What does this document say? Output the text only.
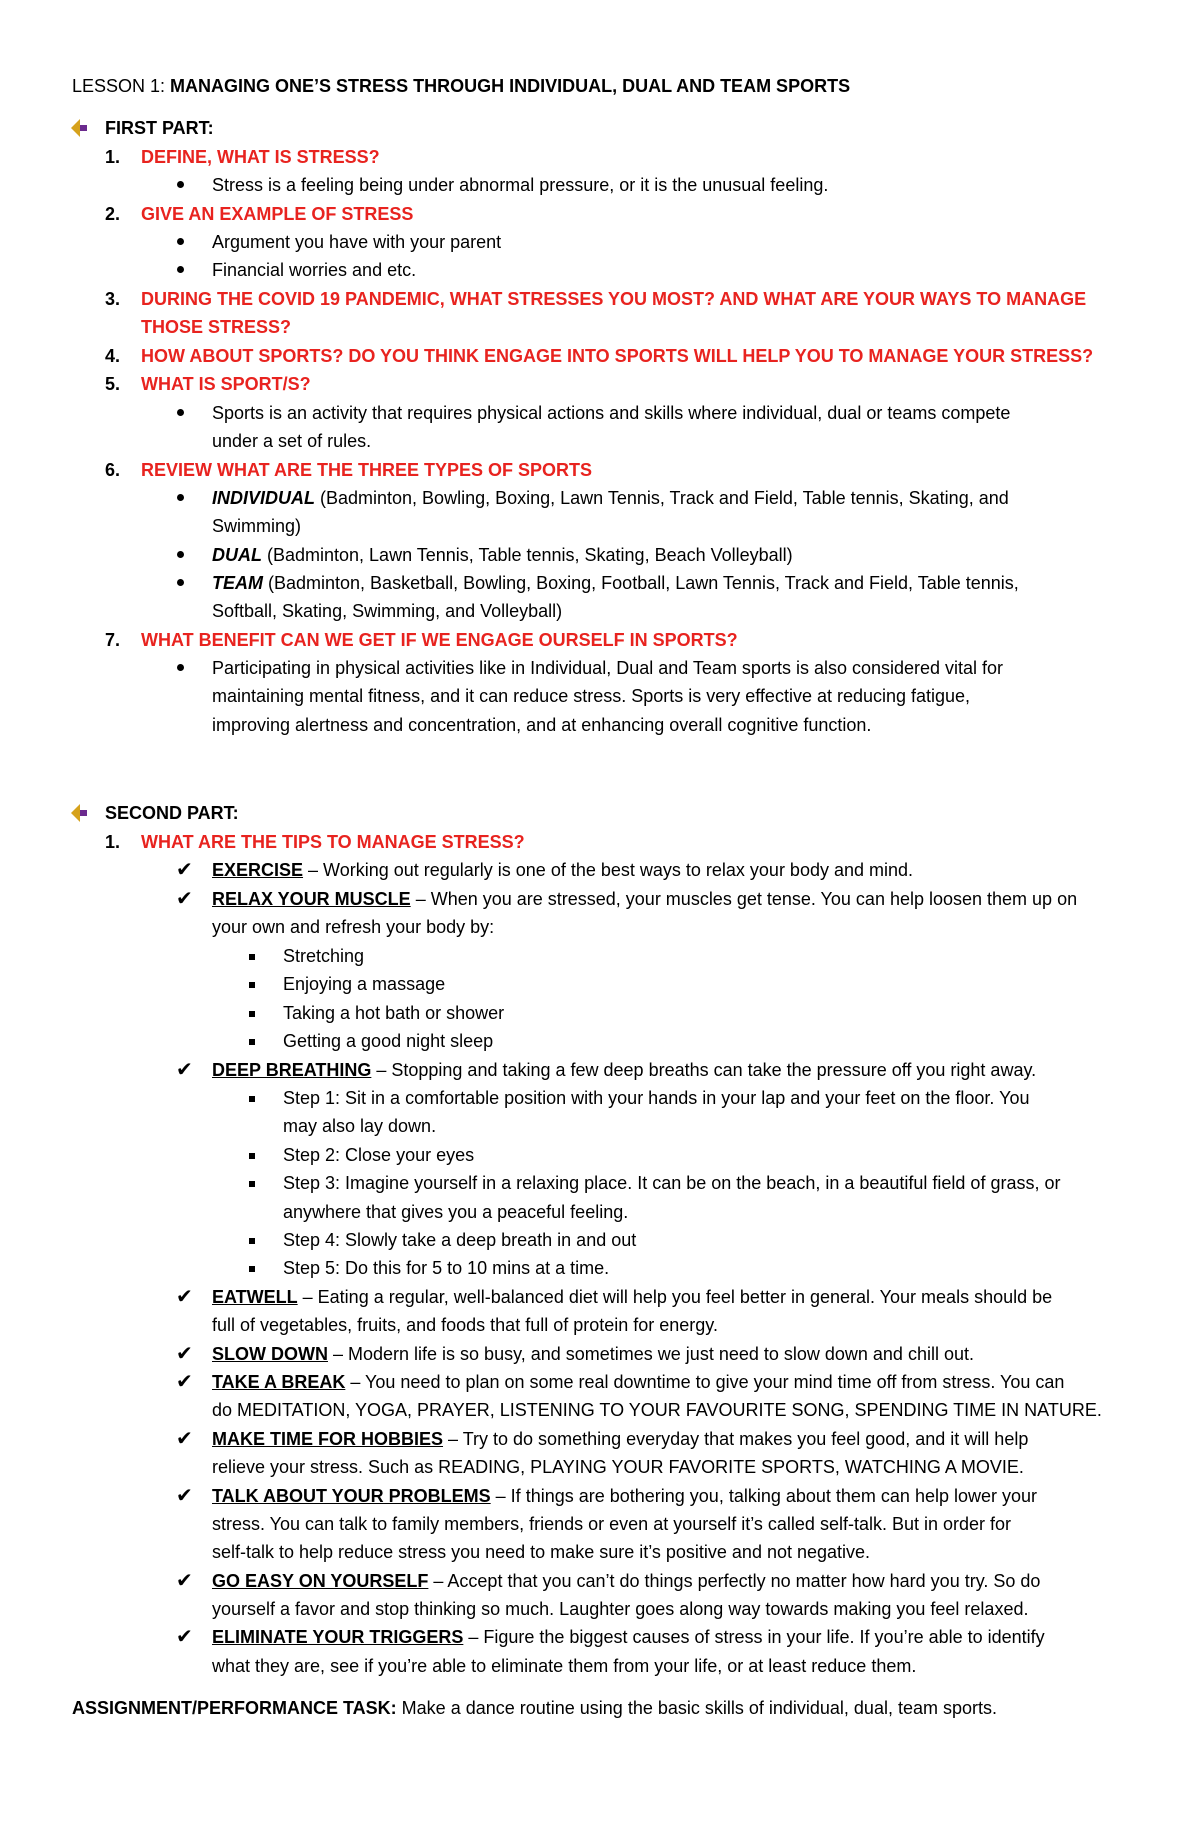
LESSON 1: MANAGING ONE’S STRESS THROUGH INDIVIDUAL, DUAL AND TEAM SPORTS
FIRST PART:
1. DEFINE, WHAT IS STRESS?
Stress is a feeling being under abnormal pressure, or it is the unusual feeling.
2. GIVE AN EXAMPLE OF STRESS
Argument you have with your parent
Financial worries and etc.
3. DURING THE COVID 19 PANDEMIC, WHAT STRESSES YOU MOST? AND WHAT ARE YOUR WAYS TO MANAGE
THOSE STRESS?
4. HOW ABOUT SPORTS? DO YOU THINK ENGAGE INTO SPORTS WILL HELP YOU TO MANAGE YOUR STRESS?
5. WHAT IS SPORT/S?
Sports is an activity that requires physical actions and skills where individual, dual or teams compete
under a set of rules.
6. REVIEW WHAT ARE THE THREE TYPES OF SPORTS
INDIVIDUAL (Badminton, Bowling, Boxing, Lawn Tennis, Track and Field, Table tennis, Skating, and
Swimming)
DUAL (Badminton, Lawn Tennis, Table tennis, Skating, Beach Volleyball)
TEAM (Badminton, Basketball, Bowling, Boxing, Football, Lawn Tennis, Track and Field, Table tennis,
Softball, Skating, Swimming, and Volleyball)
7. WHAT BENEFIT CAN WE GET IF WE ENGAGE OURSELF IN SPORTS?
Participating in physical activities like in Individual, Dual and Team sports is also considered vital for
maintaining mental fitness, and it can reduce stress. Sports is very effective at reducing fatigue,
improving alertness and concentration, and at enhancing overall cognitive function.
SECOND PART:
1. WHAT ARE THE TIPS TO MANAGE STRESS?
✔ EXERCISE – Working out regularly is one of the best ways to relax your body and mind.
✔ RELAX YOUR MUSCLE – When you are stressed, your muscles get tense. You can help loosen them up on
your own and refresh your body by:
Stretching
Enjoying a massage
Taking a hot bath or shower
Getting a good night sleep
✔ DEEP BREATHING – Stopping and taking a few deep breaths can take the pressure off you right away.
Step 1: Sit in a comfortable position with your hands in your lap and your feet on the floor. You
may also lay down.
Step 2: Close your eyes
Step 3: Imagine yourself in a relaxing place. It can be on the beach, in a beautiful field of grass, or
anywhere that gives you a peaceful feeling.
Step 4: Slowly take a deep breath in and out
Step 5: Do this for 5 to 10 mins at a time.
✔ EATWELL – Eating a regular, well-balanced diet will help you feel better in general. Your meals should be
full of vegetables, fruits, and foods that full of protein for energy.
✔ SLOW DOWN – Modern life is so busy, and sometimes we just need to slow down and chill out.
✔ TAKE A BREAK – You need to plan on some real downtime to give your mind time off from stress. You can
do MEDITATION, YOGA, PRAYER, LISTENING TO YOUR FAVOURITE SONG, SPENDING TIME IN NATURE.
✔ MAKE TIME FOR HOBBIES – Try to do something everyday that makes you feel good, and it will help
relieve your stress. Such as READING, PLAYING YOUR FAVORITE SPORTS, WATCHING A MOVIE.
✔ TALK ABOUT YOUR PROBLEMS – If things are bothering you, talking about them can help lower your
stress. You can talk to family members, friends or even at yourself it’s called self-talk. But in order for
self-talk to help reduce stress you need to make sure it’s positive and not negative.
✔ GO EASY ON YOURSELF – Accept that you can’t do things perfectly no matter how hard you try. So do
yourself a favor and stop thinking so much. Laughter goes along way towards making you feel relaxed.
✔ ELIMINATE YOUR TRIGGERS – Figure the biggest causes of stress in your life. If you’re able to identify
what they are, see if you’re able to eliminate them from your life, or at least reduce them.
ASSIGNMENT/PERFORMANCE TASK: Make a dance routine using the basic skills of individual, dual, team sports.
